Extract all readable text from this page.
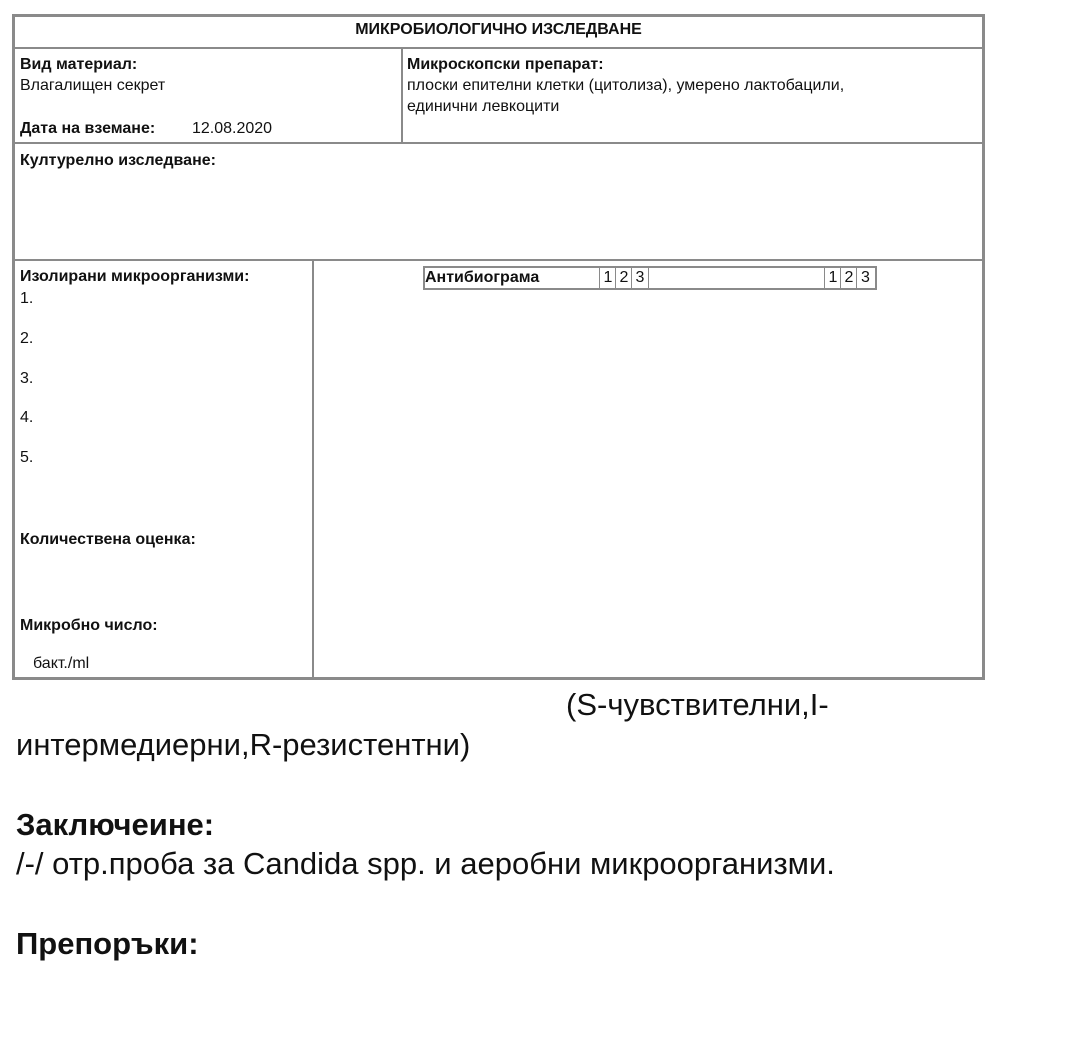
МИКРОБИОЛОГИЧНО ИЗСЛЕДВАНЕ
Вид материал:
Влагалищен секрет
Дата на вземане: 12.08.2020
Микроскопски препарат:
плоски епителни клетки (цитолиза), умерено лактобацили,
единични левкоцити
Културелно изследване:
Изолирани микроорганизми:
1.
2.
3.
4.
5.
Количествена оценка:
Микробно число:
бакт./ml
Антибиограма	1 2 3	1 2 3
(S-чувствителни,I-
интермедиерни,R-резистентни)
Заключеине:
/-/ отр.проба за Candida spp. и аеробни микроорганизми.
Препоръки:
